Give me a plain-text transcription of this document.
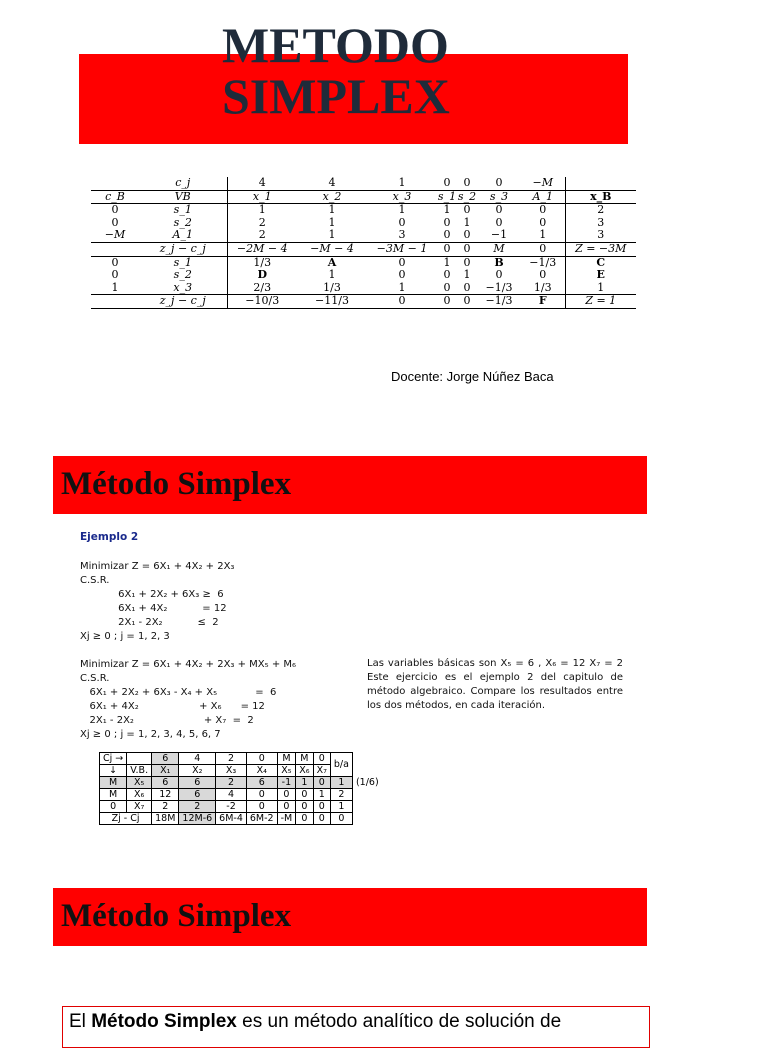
METODO
SIMPLEX
	c_j	4	4	1	0	0	0	−M	
c_B	VB	x_1	x_2	x_3	s_1	s_2	s_3	A_1	x_B
0	s_1	1	1	1	1	0	0	0	2
0	s_2	2	1	0	0	1	0	0	3
−M	A_1	2	1	3	0	0	−1	1	3
	z_j − c_j	−2M − 4	−M − 4	−3M − 1	0	0	M	0	Z = −3M
0	s_1	1/3	A	0	1	0	B	−1/3	C
0	s_2	D	1	0	0	1	0	0	E
1	x_3	2/3	1/3	1	0	0	−1/3	1/3	1
	z_j − c_j	−10/3	−11/3	0	0	0	−1/3	F	Z = 1
Docente: Jorge Núñez Baca
Método Simplex
Ejemplo 2
Minimizar Z = 6X₁ + 4X₂ + 2X₃
C.S.R.
6X₁ + 2X₂ + 6X₃ ≥  6
6X₁ + 4X₂           = 12
2X₁ - 2X₂           ≤  2
Xj ≥ 0 ; j = 1, 2, 3
Minimizar Z = 6X₁ + 4X₂ + 2X₃ + MX₅ + M₆
C.S.R.
6X₁ + 2X₂ + 6X₃ - X₄ + X₅            =  6
6X₁ + 4X₂                   + X₆      = 12
2X₁ - 2X₂                      + X₇  =  2
Xj ≥ 0 ; j = 1, 2, 3, 4, 5, 6, 7
Las variables básicas son X₅ = 6 , X₆ = 12 X₇ = 2 Este ejercicio es el ejemplo 2 del capitulo de método algebraico. Compare los resultados entre los dos métodos, en cada iteración.
Cj →		6	4	2	0	M	M	0	b/a	
↓	V.B.	X₁	X₂	X₃	X₄	X₅	X₆	X₇		
M	X₅	6	6	2	6	-1	1	0	1	(1/6)
M	X₆	12	6	4	0	0	0	1	2	
0	X₇	2	2	-2	0	0	0	0	1	
Zj - Cj		18M	12M-6	6M-4	6M-2	-M	0	0	0	
Método Simplex
El Método Simplex es un método analítico de solución de
